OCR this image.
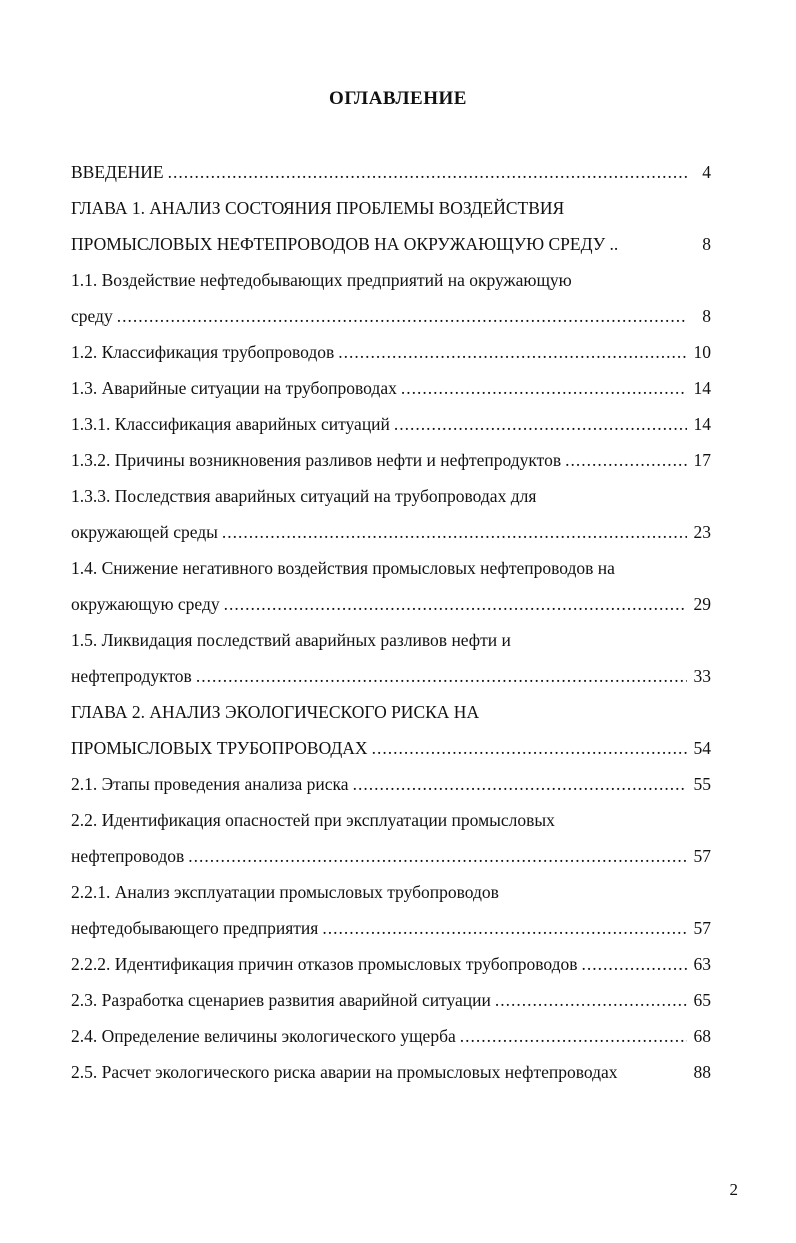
ОГЛАВЛЕНИЕ
ВВЕДЕНИЕ .....	4
ГЛАВА 1. АНАЛИЗ СОСТОЯНИЯ ПРОБЛЕМЫ ВОЗДЕЙСТВИЯ
ПРОМЫСЛОВЫХ НЕФТЕПРОВОДОВ НА ОКРУЖАЮЩУЮ СРЕДУ ..	8
1.1. Воздействие нефтедобывающих предприятий на окружающую
среду .....	8
1.2. Классификация трубопроводов .....	10
1.3. Аварийные ситуации на трубопроводах .....	14
1.3.1. Классификация аварийных ситуаций .....	14
1.3.2. Причины возникновения разливов нефти и нефтепродуктов .....	17
1.3.3. Последствия аварийных ситуаций на трубопроводах для
окружающей среды .....	23
1.4. Снижение негативного воздействия промысловых нефтепроводов на
окружающую среду .....	29
1.5. Ликвидация последствий аварийных разливов нефти и
нефтепродуктов .....	33
ГЛАВА 2. АНАЛИЗ ЭКОЛОГИЧЕСКОГО РИСКА НА
ПРОМЫСЛОВЫХ ТРУБОПРОВОДАХ .....	54
2.1. Этапы проведения анализа риска .....	55
2.2. Идентификация опасностей при эксплуатации промысловых
нефтепроводов .....	57
2.2.1. Анализ эксплуатации промысловых трубопроводов
нефтедобывающего предприятия .....	57
2.2.2. Идентификация причин отказов промысловых трубопроводов .....	63
2.3. Разработка сценариев развития аварийной ситуации .....	65
2.4. Определение величины экологического ущерба .....	68
2.5. Расчет экологического риска аварии на промысловых нефтепроводах	88
2
